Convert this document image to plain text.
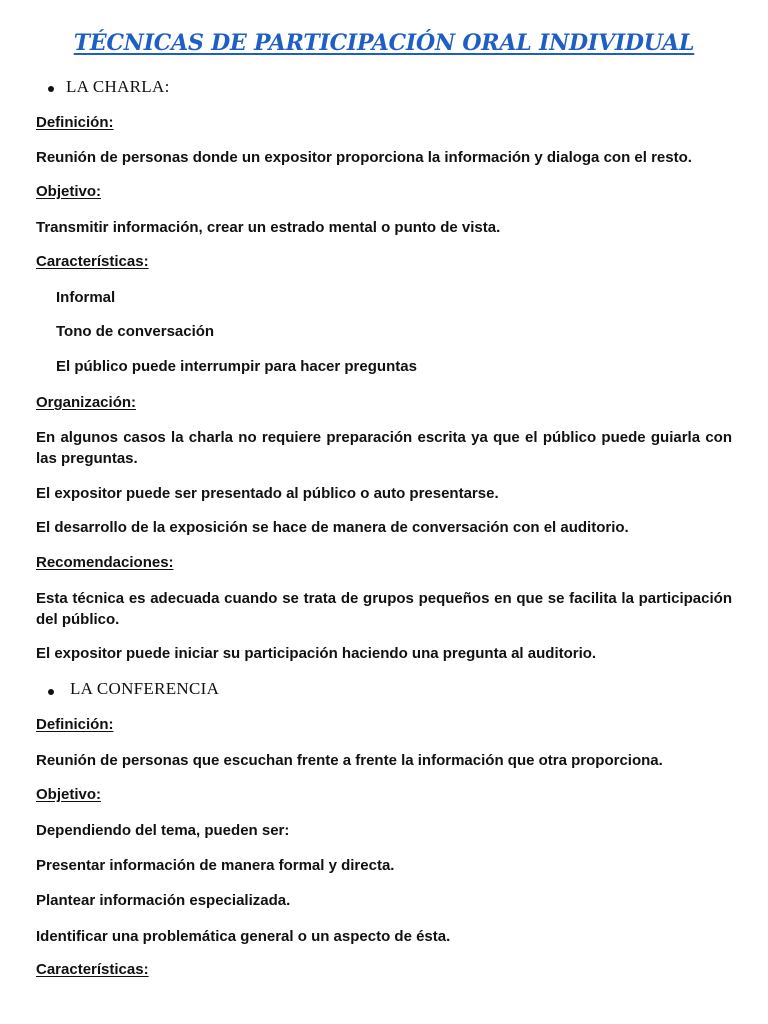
TÉCNICAS DE PARTICIPACIÓN ORAL INDIVIDUAL
LA CHARLA:
Definición:
Reunión de personas donde un expositor proporciona la información y dialoga con el resto.
Objetivo:
Transmitir información, crear un estrado mental o punto de vista.
Características:
Informal
Tono de conversación
El público puede interrumpir para hacer preguntas
Organización:
En algunos casos la charla no requiere preparación escrita ya que el público puede guiarla con las preguntas.
El expositor puede ser presentado al público o auto presentarse.
El desarrollo de la exposición se hace de manera de conversación con el auditorio.
Recomendaciones:
Esta técnica es adecuada cuando se trata de grupos pequeños en que se facilita la participación del público.
El expositor puede iniciar su participación haciendo una pregunta al auditorio.
LA CONFERENCIA
Definición:
Reunión de personas que escuchan frente a frente la información que otra proporciona.
Objetivo:
Dependiendo del tema, pueden ser:
Presentar información de manera formal y directa.
Plantear información especializada.
Identificar una problemática general o un aspecto de ésta.
Características:
